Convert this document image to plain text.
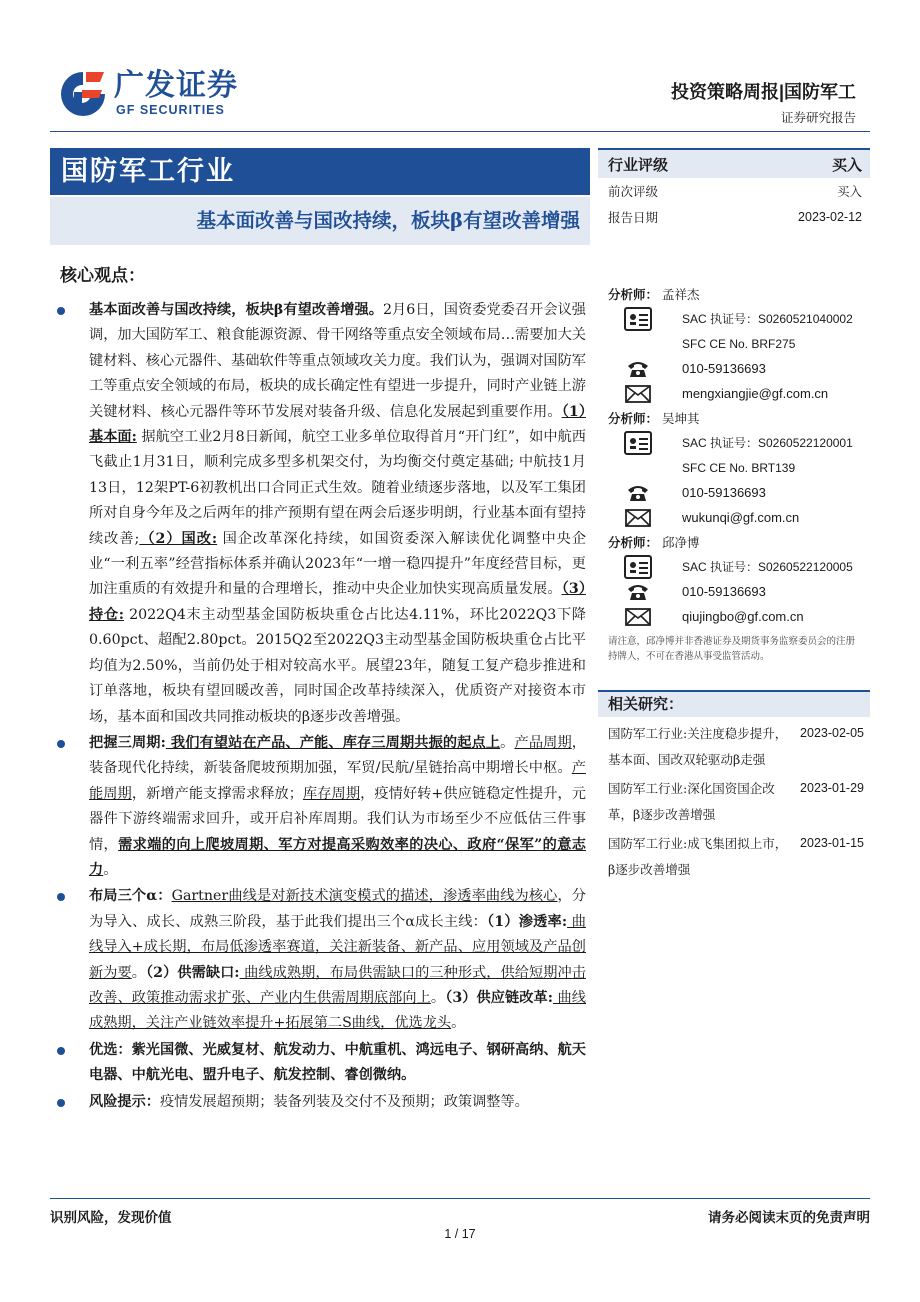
广发证券
GF SECURITIES
投资策略周报|国防军工
证券研究报告
国防军工行业
基本面改善与国改持续，板块β有望改善增强
行业评级	买入
前次评级	买入
报告日期	2023-02-12
核心观点：
基本面改善与国改持续，板块β有望改善增强。2月6日，国资委党委召开会议强调，加大国防军工、粮食能源资源、骨干网络等重点安全领域布局…需要加大关键材料、核心元器件、基础软件等重点领域攻关力度。我们认为，强调对国防军工等重点安全领域的布局，板块的成长确定性有望进一步提升，同时产业链上游关键材料、核心元器件等环节发展对装备升级、信息化发展起到重要作用。（1）基本面: 据航空工业2月8日新闻，航空工业多单位取得首月“开门红”，如中航西飞截止1月31日，顺利完成多型多机架交付，为均衡交付奠定基础; 中航技1月13日，12架PT-6初教机出口合同正式生效。随着业绩逐步落地，以及军工集团所对自身今年及之后两年的排产预期有望在两会后逐步明朗，行业基本面有望持续改善;（2）国改: 国企改革深化持续，如国资委深入解读优化调整中央企业“一利五率”经营指标体系并确认2023年“一增一稳四提升”年度经营目标，更加注重质的有效提升和量的合理增长，推动中央企业加快实现高质量发展。（3）持仓: 2022Q4末主动型基金国防板块重仓占比达4.11%，环比2022Q3下降0.60pct、超配2.80pct。2015Q2至2022Q3主动型基金国防板块重仓占比平均值为2.50%，当前仍处于相对较高水平。展望23年，随复工复产稳步推进和订单落地，板块有望回暖改善，同时国企改革持续深入，优质资产对接资本市场，基本面和国改共同推动板块的β逐步改善增强。
把握三周期: 我们有望站在产品、产能、库存三周期共振的起点上。产品周期，装备现代化持续，新装备爬坡预期加强，军贸/民航/星链抬高中期增长中枢。产能周期，新增产能支撑需求释放；库存周期，疫情好转+供应链稳定性提升，元器件下游终端需求回升，或开启补库周期。我们认为市场至少不应低估三件事情，需求端的向上爬坡周期、军方对提高采购效率的决心、政府“保军”的意志力。
布局三个α：Gartner曲线是对新技术演变模式的描述，渗透率曲线为核心，分为导入、成长、成熟三阶段，基于此我们提出三个α成长主线：（1）渗透率: 曲线导入+成长期，布局低渗透率赛道，关注新装备、新产品、应用领域及产品创新为要。（2）供需缺口: 曲线成熟期，布局供需缺口的三种形式，供给短期冲击改善、政策推动需求扩张、产业内生供需周期底部向上。（3）供应链改革: 曲线成熟期，关注产业链效率提升+拓展第二S曲线，优选龙头。
优选：紫光国微、光威复材、航发动力、中航重机、鸿远电子、钢研高纳、航天电器、中航光电、盟升电子、航发控制、睿创微纳。
风险提示：疫情发展超预期；装备列装及交付不及预期；政策调整等。
分析师： 孟祥杰
SAC 执证号：S0260521040002
SFC CE No. BRF275
010-59136693
mengxiangjie@gf.com.cn
分析师： 吴坤其
SAC 执证号：S0260522120001
SFC CE No. BRT139
010-59136693
wukunqi@gf.com.cn
分析师： 邱净博
SAC 执证号：S0260522120005
010-59136693
qiujingbo@gf.com.cn
请注意，邱净博并非香港证券及期货事务监察委员会的注册持牌人，不可在香港从事受监管活动。
相关研究：
国防军工行业:关注度稳步提升，基本面、国改双轮驱动β走强
2023-02-05
国防军工行业:深化国资国企改革，β逐步改善增强
2023-01-29
国防军工行业:成飞集团拟上市，β逐步改善增强
2023-01-15
识别风险，发现价值	请务必阅读末页的免责声明
1 / 17
